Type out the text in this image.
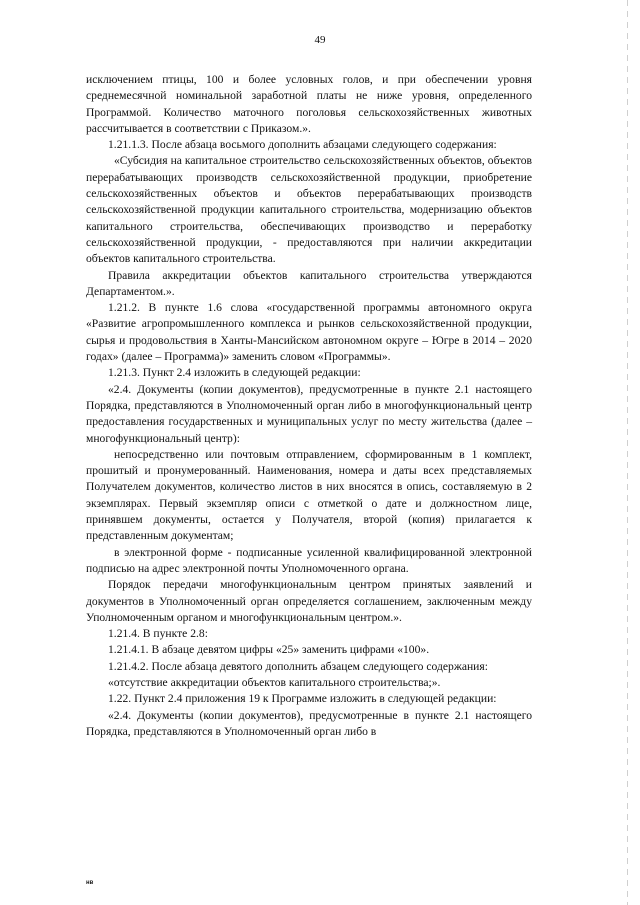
49

исключением птицы, 100 и более условных голов, и при обеспечении уровня среднемесячной номинальной заработной платы не ниже уровня, определенного Программой. Количество маточного поголовья сельскохозяйственных животных рассчитывается в соответствии с Приказом.».

1.21.1.3. После абзаца восьмого дополнить абзацами следующего содержания:

«Субсидия на капитальное строительство сельскохозяйственных объектов, объектов перерабатывающих производств сельскохозяйственной продукции, приобретение сельскохозяйственных объектов и объектов перерабатывающих производств сельскохозяйственной продукции капитального строительства, модернизацию объектов капитального строительства, обеспечивающих производство и переработку сельскохозяйственной продукции, - предоставляются при наличии аккредитации объектов капитального строительства.

Правила аккредитации объектов капитального строительства утверждаются Департаментом.».

1.21.2. В пункте 1.6 слова «государственной программы автономного округа «Развитие агропромышленного комплекса и рынков сельскохозяйственной продукции, сырья и продовольствия в Ханты-Мансийском автономном округе – Югре в 2014 – 2020 годах» (далее – Программа)» заменить словом «Программы».

1.21.3. Пункт 2.4 изложить в следующей редакции:

«2.4. Документы (копии документов), предусмотренные в пункте 2.1 настоящего Порядка, представляются в Уполномоченный орган либо в многофункциональный центр предоставления государственных и муниципальных услуг по месту жительства (далее – многофункциональный центр):

непосредственно или почтовым отправлением, сформированным в 1 комплект, прошитый и пронумерованный. Наименования, номера и даты всех представляемых Получателем документов, количество листов в них вносятся в опись, составляемую в 2 экземплярах. Первый экземпляр описи с отметкой о дате и должностном лице, принявшем документы, остается у Получателя, второй (копия) прилагается к представленным документам;

в электронной форме - подписанные усиленной квалифицированной электронной подписью на адрес электронной почты Уполномоченного органа.

Порядок передачи многофункциональным центром принятых заявлений и документов в Уполномоченный орган определяется соглашением, заключенным между Уполномоченным органом и многофункциональным центром.».

1.21.4. В пункте 2.8:

1.21.4.1. В абзаце девятом цифры «25» заменить цифрами «100».

1.21.4.2. После абзаца девятого дополнить абзацем следующего содержания:

«отсутствие аккредитации объектов капитального строительства;».

1.22. Пункт 2.4 приложения 19 к Программе изложить в следующей редакции:

«2.4. Документы (копии документов), предусмотренные в пункте 2.1 настоящего Порядка, представляются в Уполномоченный орган либо в

нв
